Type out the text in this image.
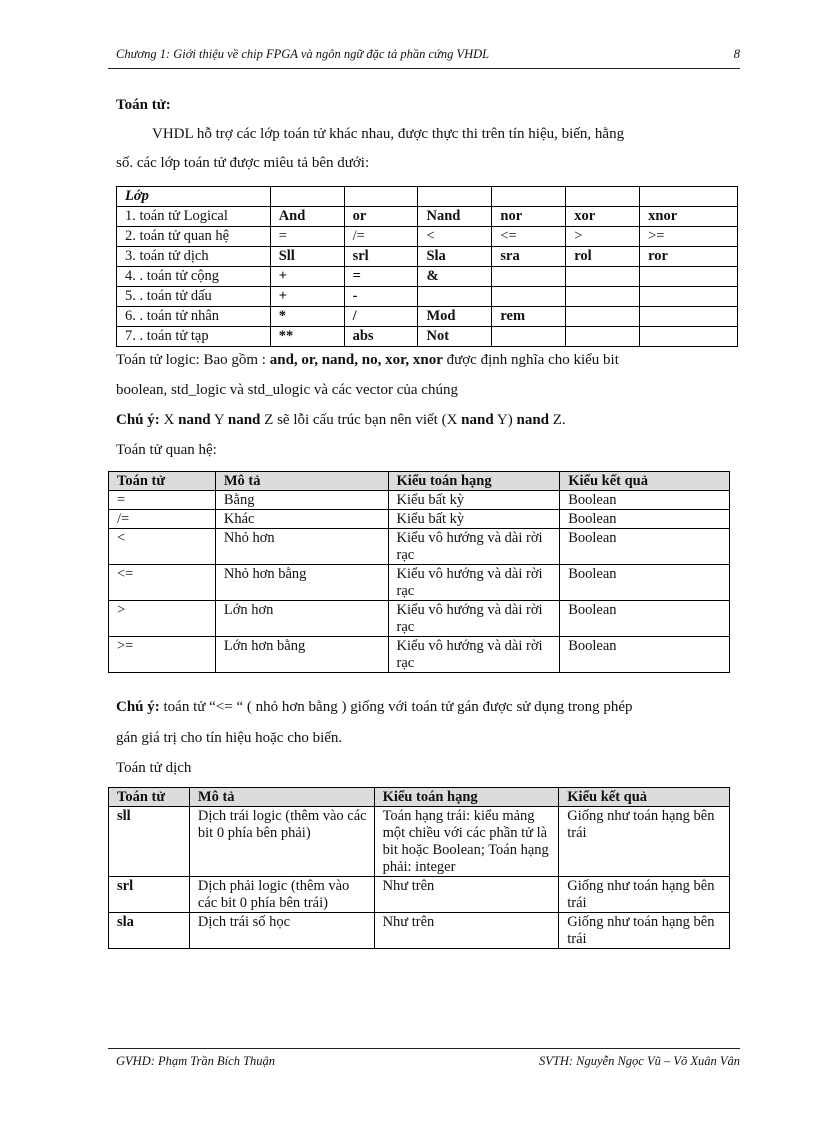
Chương 1: Giới thiệu về chip FPGA và ngôn ngữ đặc tả phần cứng VHDL	8
Toán tử:
VHDL hỗ trợ các lớp toán tử khác nhau, được thực thi trên tín hiệu, biến, hằng
số. các lớp toán tử được miêu tả bên dưới:
Lớp						
1. toán tử Logical	And	or	Nand	nor	xor	xnor
2. toán tử quan hệ	=	/=	<	<=	>	>=
3. toán tử dịch	Sll	srl	Sla	sra	rol	ror
4. . toán tử cộng	+	=	&			
5. . toán tử dấu	+	-				
6. . toán tử nhân	*	/	Mod	rem		
7. . toán tử tạp	**	abs	Not			
Toán tử logic: Bao gồm : and, or, nand, no, xor, xnor được định nghĩa cho kiểu bit
boolean, std_logic và std_ulogic và các vector của chúng
Chú ý: X nand Y nand Z sẽ lỗi cấu trúc bạn nên viết (X nand Y) nand Z.
Toán tử quan hệ:
Toán tử	Mô tả	Kiểu toán hạng	Kiểu kết quả
=	Bằng	Kiểu bất kỳ	Boolean
/=	Khác	Kiểu bất kỳ	Boolean
<	Nhỏ hơn	Kiểu vô hướng và dài rời rạc	Boolean
<=	Nhỏ hơn bằng	Kiểu vô hướng và dài rời rạc	Boolean
>	Lớn hơn	Kiểu vô hướng và dài rời rạc	Boolean
>=	Lớn hơn bằng	Kiểu vô hướng và dài rời rạc	Boolean
Chú ý: toán tử “<= “ ( nhỏ hơn bằng ) giống với toán tử gán được sử dụng trong phép
gán giá trị cho tín hiệu hoặc cho biến.
Toán tử dịch
Toán tử	Mô tả	Kiểu toán hạng	Kiểu kết quả
sll	Dịch trái logic (thêm vào các bit 0 phía bên phải)	Toán hạng trái: kiểu mảng một chiều với các phần tử là bit hoặc Boolean; Toán hạng phải: integer	Giống như toán hạng bên trái
srl	Dịch phải logic (thêm vào các bit 0 phía bên trái)	Như trên	Giống như toán hạng bên trái
sla	Dịch trái số học	Như trên	Giống như toán hạng bên trái
GVHD: Phạm Trần Bích Thuận	SVTH: Nguyễn Ngọc Vũ – Võ Xuân Vân
